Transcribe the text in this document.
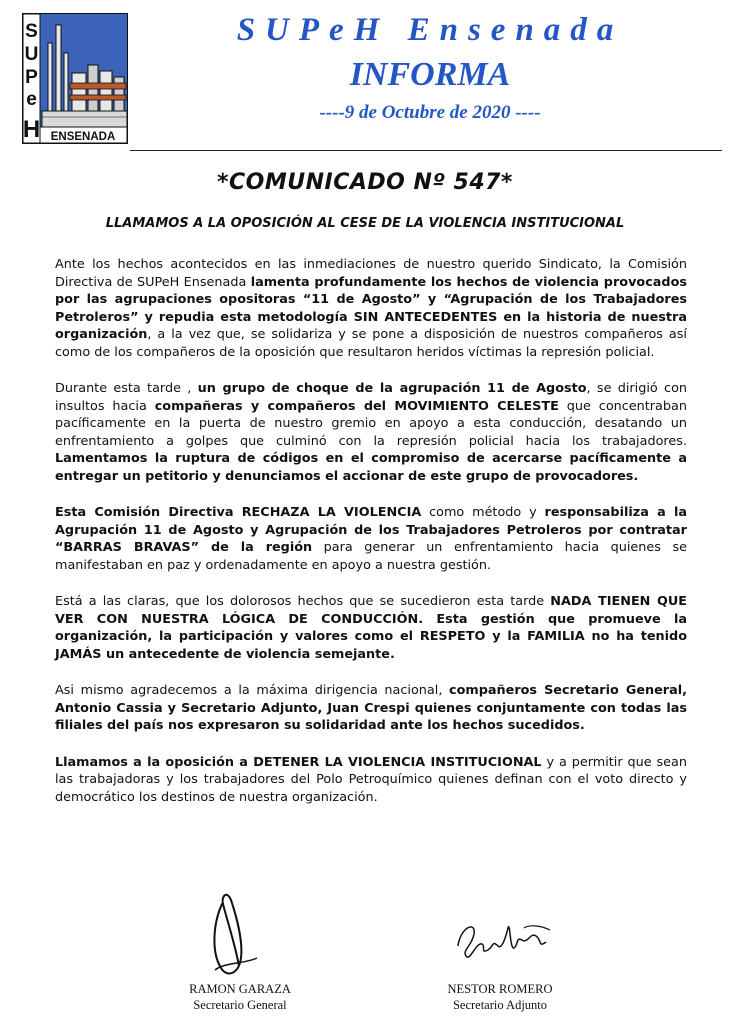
S
U
P
e
H ENSENADA
SUPeH Ensenada
INFORMA
----9 de Octubre de 2020 ----
*COMUNICADO Nº 547*
LLAMAMOS A LA OPOSICIÓN AL CESE DE LA VIOLENCIA INSTITUCIONAL

Ante los hechos acontecidos en las inmediaciones de nuestro querido Sindicato, la Comisión Directiva de SUPeH Ensenada lamenta profundamente los hechos de violencia provocados por las agrupaciones opositoras “11 de Agosto” y “Agrupación de los Trabajadores Petroleros” y repudia esta metodología SIN ANTECEDENTES en la historia de nuestra organización, a la vez que, se solidariza y se pone a disposición de nuestros compañeros así como de los compañeros de la oposición que resultaron heridos víctimas la represión policial.

Durante esta tarde , un grupo de choque de la agrupación 11 de Agosto, se dirigió con insultos hacia compañeras y compañeros del MOVIMIENTO CELESTE que concentraban pacíficamente en la puerta de nuestro gremio en apoyo a esta conducción, desatando un enfrentamiento a golpes que culminó con la represión policial hacia los trabajadores. Lamentamos la ruptura de códigos en el compromiso de acercarse pacíficamente a entregar un petitorio y denunciamos el accionar de este grupo de provocadores.

Esta Comisión Directiva RECHAZA LA VIOLENCIA como método y responsabiliza a la Agrupación 11 de Agosto y Agrupación de los Trabajadores Petroleros por contratar “BARRAS BRAVAS” de la región para generar un enfrentamiento hacia quienes se manifestaban en paz y ordenadamente en apoyo a nuestra gestión.

Está a las claras, que los dolorosos hechos que se sucedieron esta tarde NADA TIENEN QUE VER CON NUESTRA LÓGICA DE CONDUCCIÓN. Esta gestión que promueve la organización, la participación y valores como el RESPETO y la FAMILIA no ha tenido JAMÁS un antecedente de violencia semejante.

Asi mismo agradecemos a la máxima dirigencia nacional, compañeros Secretario General, Antonio Cassia y Secretario Adjunto, Juan Crespi quienes conjuntamente con todas las filiales del país nos expresaron su solidaridad ante los hechos sucedidos.

Llamamos a la oposición a DETENER LA VIOLENCIA INSTITUCIONAL y a permitir que sean las trabajadoras y los trabajadores del Polo Petroquímico quienes definan con el voto directo y democrático los destinos de nuestra organización.

RAMON GARAZA
Secretario General
NESTOR ROMERO
Secretario Adjunto
